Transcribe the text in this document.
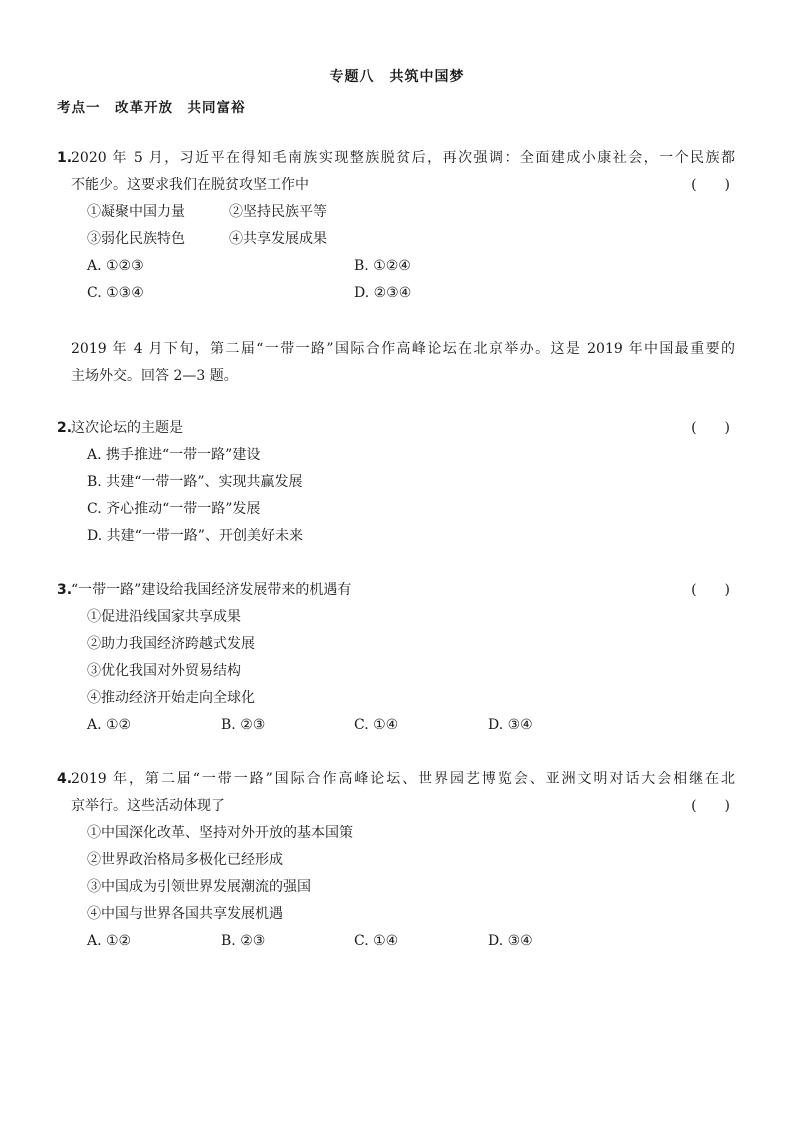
专题八　共筑中国梦
考点一　改革开放　共同富裕
1.
2020 年 5 月，习近平在得知毛南族实现整族脱贫后，再次强调：全面建成小康社会，一个民族都
不能少。这要求我们在脱贫攻坚工作中	(　　)
①凝聚中国力量	②坚持民族平等
③弱化民族特色	④共享发展成果
A. ①②③	B. ①②④
C. ①③④	D. ②③④
2019 年 4 月下旬，第二届“一带一路”国际合作高峰论坛在北京举办。这是 2019 年中国最重要的
主场外交。回答 2—3 题。
2.
这次论坛的主题是	(　　)
A. 携手推进“一带一路”建设
B. 共建“一带一路”、实现共赢发展
C. 齐心推动“一带一路”发展
D. 共建“一带一路”、开创美好未来
3.
“一带一路”建设给我国经济发展带来的机遇有	(　　)
①促进沿线国家共享成果
②助力我国经济跨越式发展
③优化我国对外贸易结构
④推动经济开始走向全球化
A. ①②	B. ②③	C. ①④	D. ③④
4.
2019 年，第二届“一带一路”国际合作高峰论坛、世界园艺博览会、亚洲文明对话大会相继在北
京举行。这些活动体现了	(　　)
①中国深化改革、坚持对外开放的基本国策
②世界政治格局多极化已经形成
③中国成为引领世界发展潮流的强国
④中国与世界各国共享发展机遇
A. ①②	B. ②③	C. ①④	D. ③④
